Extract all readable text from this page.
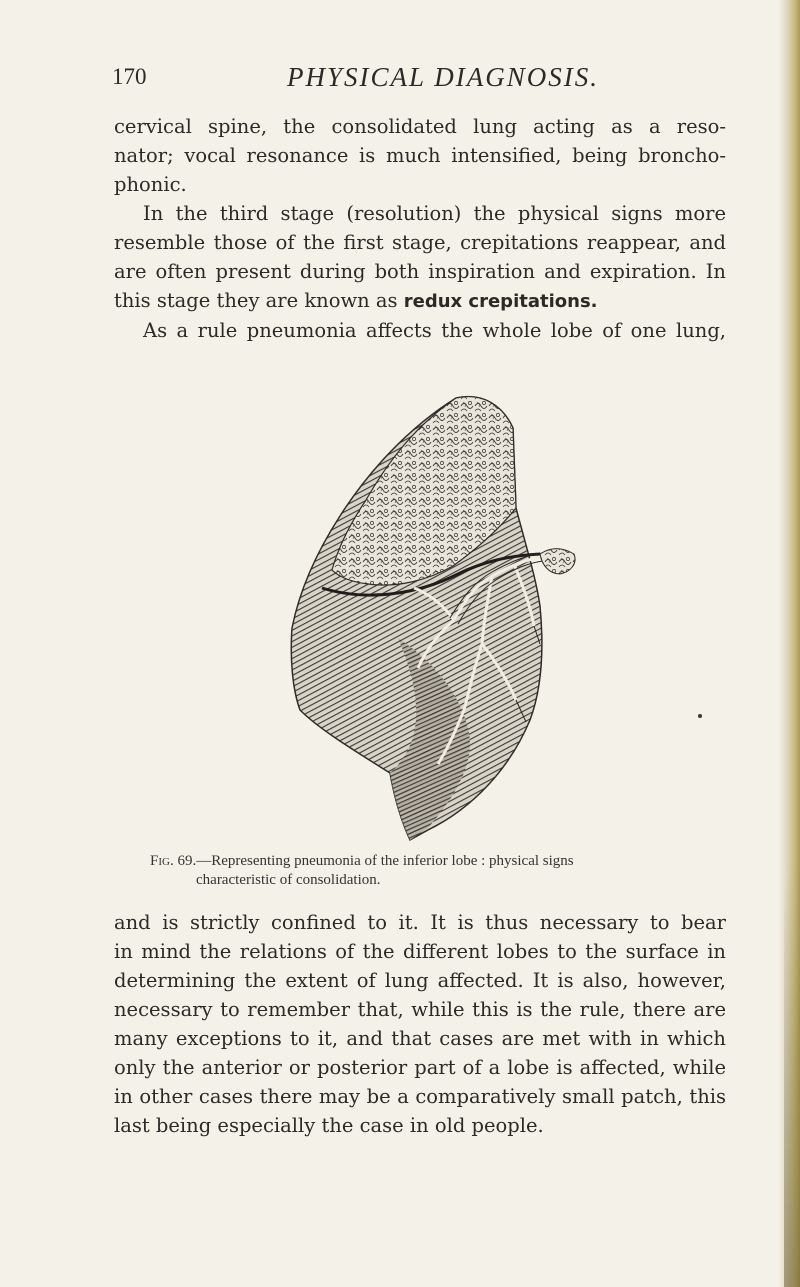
170	PHYSICAL DIAGNOSIS.
cervical spine, the consolidated lung acting as a reso-
nator; vocal resonance is much intensified, being broncho-
phonic.
In the third stage (resolution) the physical signs more
resemble those of the first stage, crepitations reappear, and
are often present during both inspiration and expiration. In
this stage they are known as redux crepitations.
As a rule pneumonia affects the whole lobe of one lung,
Fig. 69.—Representing pneumonia of the inferior lobe : physical signs
characteristic of consolidation.
and is strictly confined to it. It is thus necessary to bear
in mind the relations of the different lobes to the surface in
determining the extent of lung affected. It is also, however,
necessary to remember that, while this is the rule, there are
many exceptions to it, and that cases are met with in which
only the anterior or posterior part of a lobe is affected, while
in other cases there may be a comparatively small patch, this
last being especially the case in old people.
